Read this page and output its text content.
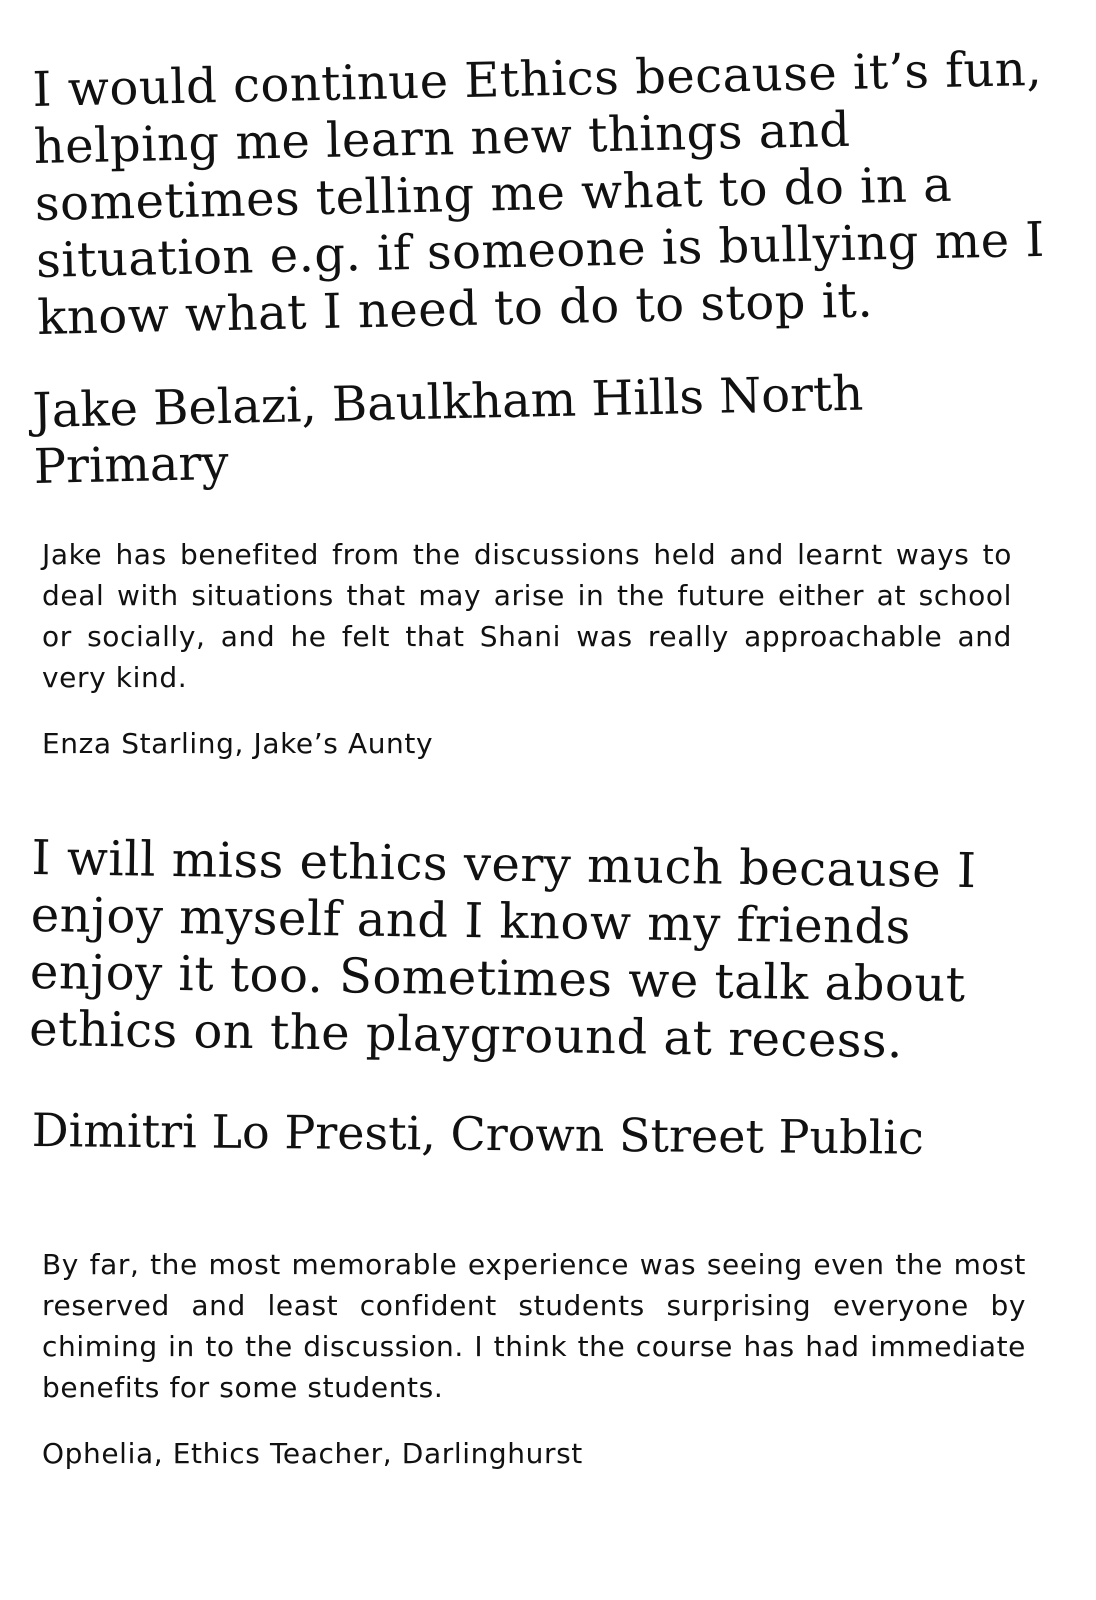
I would continue Ethics because it’s fun, helping me learn new things and sometimes telling me what to do in a situation e.g. if someone is bullying me I know what I need to do to stop it.

Jake Belazi, Baulkham Hills North Primary

Jake has benefited from the discussions held and learnt ways to deal with situations that may arise in the future either at school or socially, and he felt that Shani was really approachable and very kind.

Enza Starling, Jake’s Aunty

I will miss ethics very much because I enjoy myself and I know my friends enjoy it too. Sometimes we talk about ethics on the playground at recess.

Dimitri Lo Presti, Crown Street Public

By far, the most memorable experience was seeing even the most reserved and least confident students surprising everyone by chiming in to the discussion. I think the course has had immediate benefits for some students.

Ophelia, Ethics Teacher, Darlinghurst
